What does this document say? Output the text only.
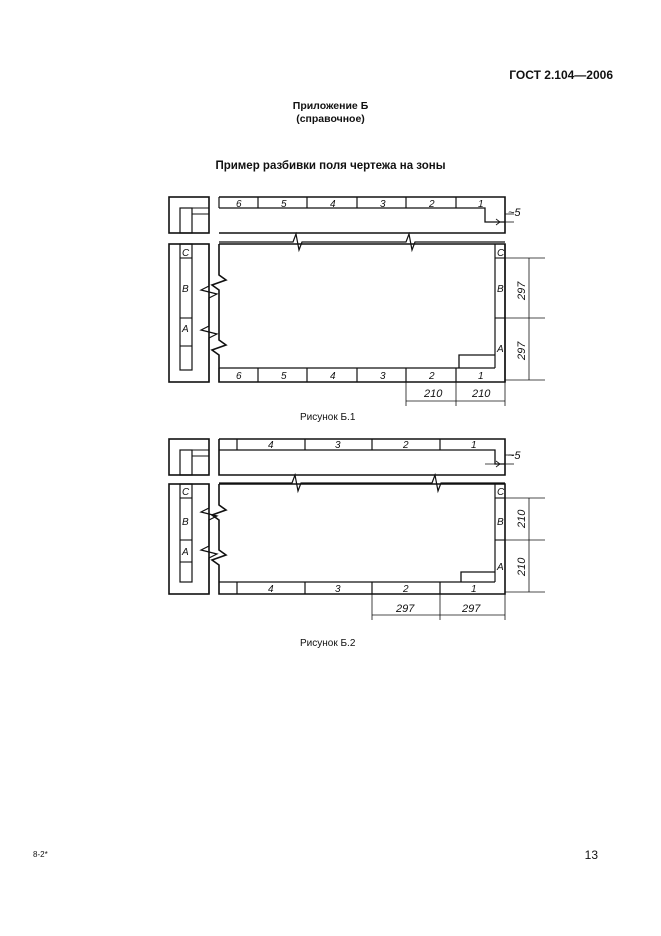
ГОСТ 2.104—2006
Приложение Б
(справочное)
Пример разбивки поля чертежа на зоны
6	5	4	3	2	1
~5
C
B
A
C
B
A
6	5	4	3	2	1
297
297
210	210
Рисунок Б.1
4	3	2	1
~5
C
B
A
C
B
A
4	3	2	1
210
210
297	297
Рисунок Б.2
8-2*	13
